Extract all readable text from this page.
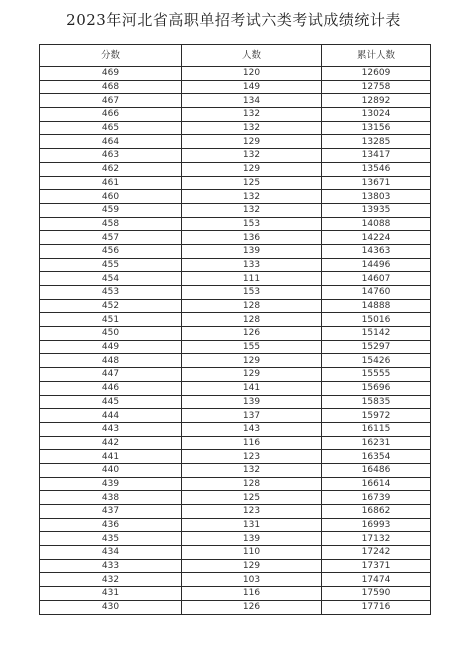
2023年河北省高职单招考试六类考试成绩统计表
分数	人数	累计人数
469	120	12609
468	149	12758
467	134	12892
466	132	13024
465	132	13156
464	129	13285
463	132	13417
462	129	13546
461	125	13671
460	132	13803
459	132	13935
458	153	14088
457	136	14224
456	139	14363
455	133	14496
454	111	14607
453	153	14760
452	128	14888
451	128	15016
450	126	15142
449	155	15297
448	129	15426
447	129	15555
446	141	15696
445	139	15835
444	137	15972
443	143	16115
442	116	16231
441	123	16354
440	132	16486
439	128	16614
438	125	16739
437	123	16862
436	131	16993
435	139	17132
434	110	17242
433	129	17371
432	103	17474
431	116	17590
430	126	17716
